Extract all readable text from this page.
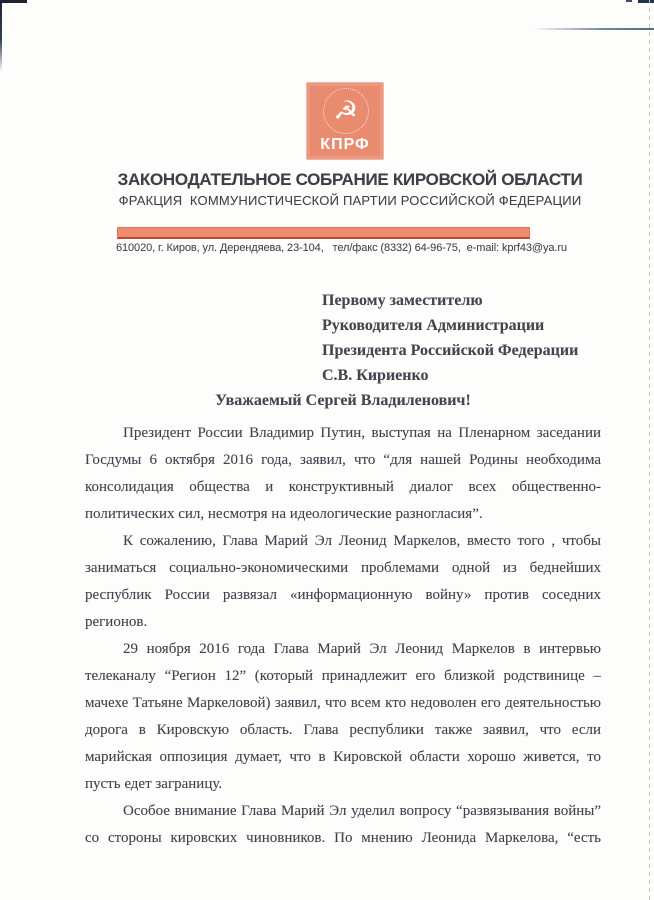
☭
КПРФ
ЗАКОНОДАТЕЛЬНОЕ СОБРАНИЕ КИРОВСКОЙ ОБЛАСТИ
ФРАКЦИЯ  КОММУНИСТИЧЕСКОЙ ПАРТИИ РОССИЙСКОЙ ФЕДЕРАЦИИ
610020, г. Киров, ул. Дерендяева, 23-104,   тел/факс (8332) 64-96-75,  e-mail: kprf43@ya.ru
Первому заместителю
Руководителя Администрации
Президента Российской Федерации
С.В. Кириенко
Уважаемый Сергей Владиленович!

Президент России Владимир Путин, выступая на Пленарном заседании Госдумы 6 октября 2016 года, заявил, что “для нашей Родины необходима консолидация общества и конструктивный диалог всех общественно-политических сил, несмотря на идеологические разногласия”.

К сожалению, Глава Марий Эл Леонид Маркелов, вместо того , чтобы заниматься социально-экономическими проблемами одной из беднейших республик России развязал «информационную войну» против соседних регионов.

29 ноября 2016 года Глава Марий Эл Леонид Маркелов в интервью телеканалу “Регион 12” (который принадлежит его близкой родствинице – мачехе Татьяне Маркеловой) заявил, что всем кто недоволен его деятельностью дорога в Кировскую область. Глава республики также заявил, что если марийская оппозиция думает, что в Кировской области хорошо живется, то пусть едет заграницу.

Особое внимание Глава Марий Эл уделил вопросу “развязывания войны” со стороны кировских чиновников. По мнению Леонида Маркелова, “есть
